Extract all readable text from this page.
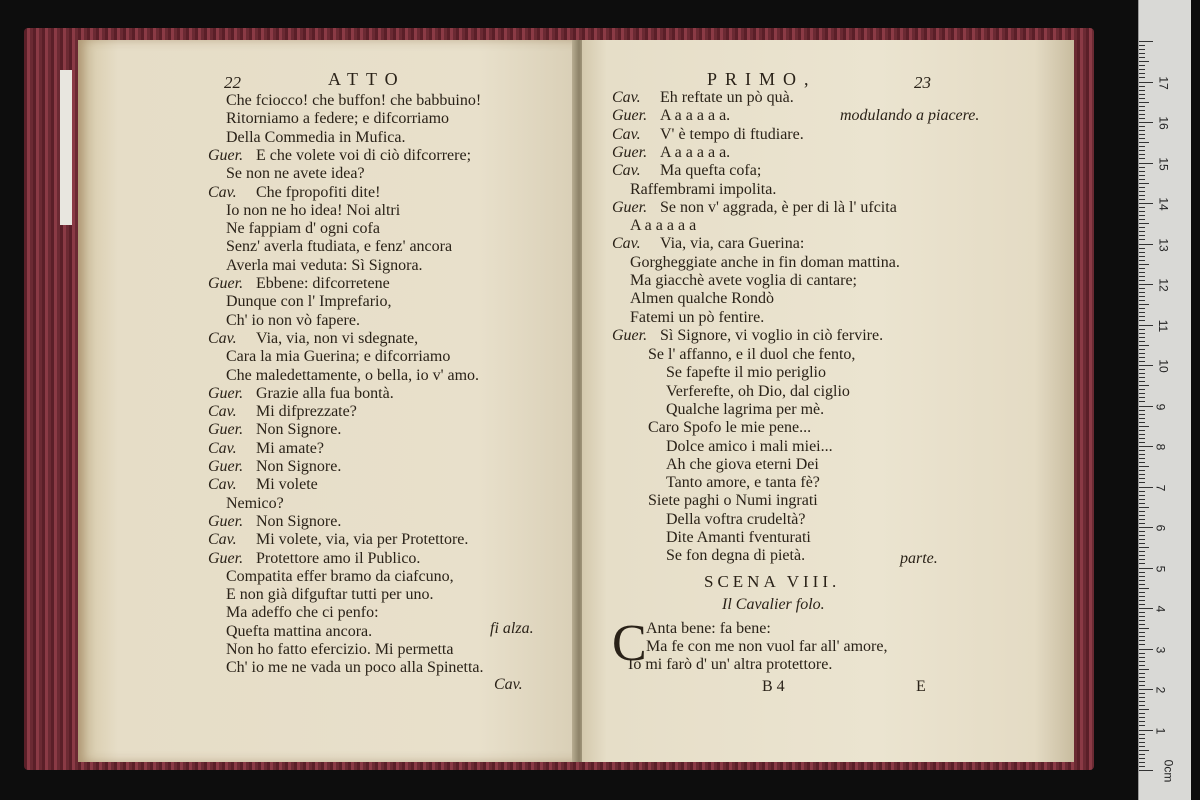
22	ATTO
Che fciocco! che buffon! che babbuino!
Ritorniamo a federe; e difcorriamo
Della Commedia in Mufica.
Guer. E che volete voi di ciò difcorrere;
Se non ne avete idea?
Cav. Che fpropofiti dite!
Io non ne ho idea! Noi altri
Ne fappiam d' ogni cofa
Senz' averla ftudiata, e fenz' ancora
Averla mai veduta: Sì Signora.
Guer. Ebbene: difcorretene
Dunque con l' Imprefario,
Ch' io non vò fapere.
Cav. Via, via, non vi sdegnate,
Cara la mia Guerina; e difcorriamo
Che maledettamente, o bella, io v' amo.
Guer. Grazie alla fua bontà.
Cav. Mi difprezzate?
Guer. Non Signore.
Cav. Mi amate?
Guer. Non Signore.
Cav. Mi volete
Nemico?
Guer. Non Signore.
Cav. Mi volete, via, via per Protettore.
Guer. Protettore amo il Publico.
Compatita effer bramo da ciafcuno,
E non già difguftar tutti per uno.
Ma adeffo che ci penfo:
Quefta mattina ancora.
Non ho fatto efercizio. Mi permetta
Ch' io me ne vada un poco alla Spinetta.
fi alza.
Cav.
PRIMO,	23
Cav. Eh reftate un pò quà.
Guer. A a a a a a.
Cav. V' è tempo di ftudiare.
Guer. A a a a a a.
Cav. Ma quefta cofa;
Raffembrami impolita.
Guer. Se non v' aggrada, è per di là l' ufcita
A a a a a a
Cav. Via, via, cara Guerina:
Gorgheggiate anche in fin doman mattina.
Ma giacchè avete voglia di cantare;
Almen qualche Rondò
Fatemi un pò fentire.
Guer. Sì Signore, vi voglio in ciò fervire.
Se l' affanno, e il duol che fento,
Se fapefte il mio periglio
Verferefte, oh Dio, dal ciglio
Qualche lagrima per mè.
Caro Spofo le mie pene...
Dolce amico i mali miei...
Ah che giova eterni Dei
Tanto amore, e tanta fè?
Siete paghi o Numi ingrati
Della voftra crudeltà?
Dite Amanti fventurati
Se fon degna di pietà.
modulando a piacere.
parte.
SCENA VIII.
Il Cavalier folo.
C Anta bene: fa bene:
Ma fe con me non vuol far all' amore,
Io mi farò d' un' altra protettore.
B 4	E
0cm
1
2
3
4
5
6
7
8
9
10
11
12
13
14
15
16
17
